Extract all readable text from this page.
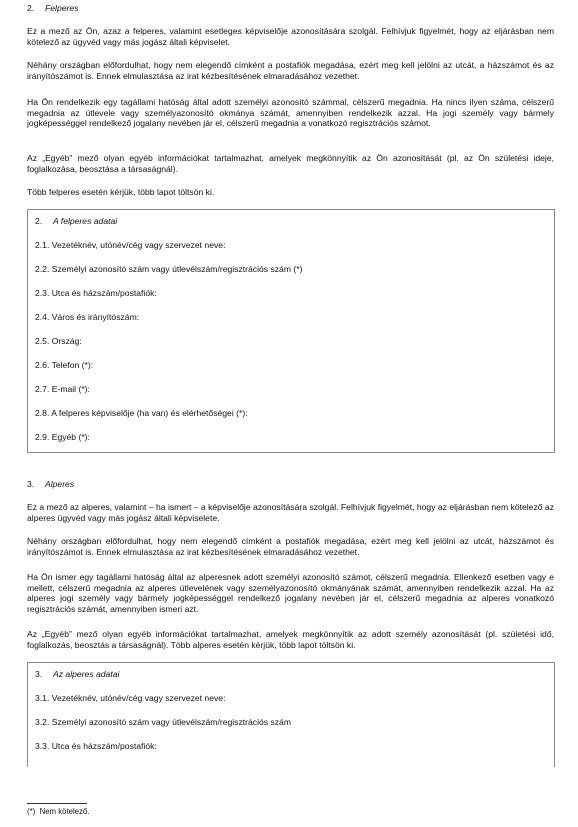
2. Felperes

Ez a mező az Ön, azaz a felperes, valamint esetleges képviselője azonosítására szolgál. Felhívjuk figyelmét, hogy az eljárásban nem kötelező az ügyvéd vagy más jogász általi képviselet.

Néhány országban előfordulhat, hogy nem elegendő címként a postafiók megadása, ezért meg kell jelölni az utcát, a házszámot és az irányítószámot is. Ennek elmulasztása az irat kézbesítésének elmaradásához vezethet.

Ha Ön rendelkezik egy tagállami hatóság által adott személyi azonosító számmal, célszerű megadnia. Ha nincs ilyen száma, célszerű megadnia az útlevele vagy személyazonosító okmánya számát, amennyiben rendelkezik azzal. Ha jogi személy vagy bármely jogképességgel rendelkező jogalany nevében jár el, célszerű megadnia a vonatkozó regisztrációs számot.

Az „Egyéb” mező olyan egyéb információkat tartalmazhat, amelyek megkönnyítik az Ön azonosítását (pl. az Ön születési ideje, foglalkozása, beosztása a társaságnál).

Több felperes esetén kérjük, több lapot töltsön ki.

2. A felperes adatai
2.1. Vezetéknév, utónév/cég vagy szervezet neve:
2.2. Személyi azonosító szám vagy útlevélszám/regisztrációs szám (*)
2.3. Utca és házszám/postafiók:
2.4. Város és irányítószám:
2.5. Ország:
2.6. Telefon (*):
2.7. E-mail (*):
2.8. A felperes képviselője (ha van) és elérhetőségei (*):
2.9. Egyéb (*):
3. Alperes

Ez a mező az alperes, valamint – ha ismert – a képviselője azonosítására szolgál. Felhívjuk figyelmét, hogy az eljárásban nem kötelező az alperes ügyvéd vagy más jogász általi képviselete.

Néhány országban előfordulhat, hogy nem elegendő címként a postafiók megadása, ezért meg kell jelölni az utcát, házszámot és irányítószámot is. Ennek elmulasztása az irat kézbesítésének elmaradásához vezethet.

Ha Ön ismer egy tagállami hatóság által az alperesnek adott személyi azonosító számot, célszerű megadnia. Ellenkező esetben vagy e mellett, célszerű megadnia az alperes útlevelének vagy személyazonosító okmányának számát, amennyiben rendelkezik azzal. Ha az alperes jogi személy vagy bármely jogképességgel rendelkező jogalany nevében jár el, célszerű megadnia az alperes vonatkozó regisztrációs számát, amennyiben ismeri azt.

Az „Egyéb” mező olyan egyéb információkat tartalmazhat, amelyek megkönnyítik az adott személy azonosítását (pl. születési idő, foglalkozás, beosztás a társaságnál). Több alperes esetén kérjük, több lapot töltsön ki.

3. Az alperes adatai
3.1. Vezetéknév, utónév/cég vagy szervezet neve:
3.2. Személyi azonosító szám vagy útlevélszám/regisztrációs szám
3.3. Utca és házszám/postafiók:
(*) Nem kötelező.
